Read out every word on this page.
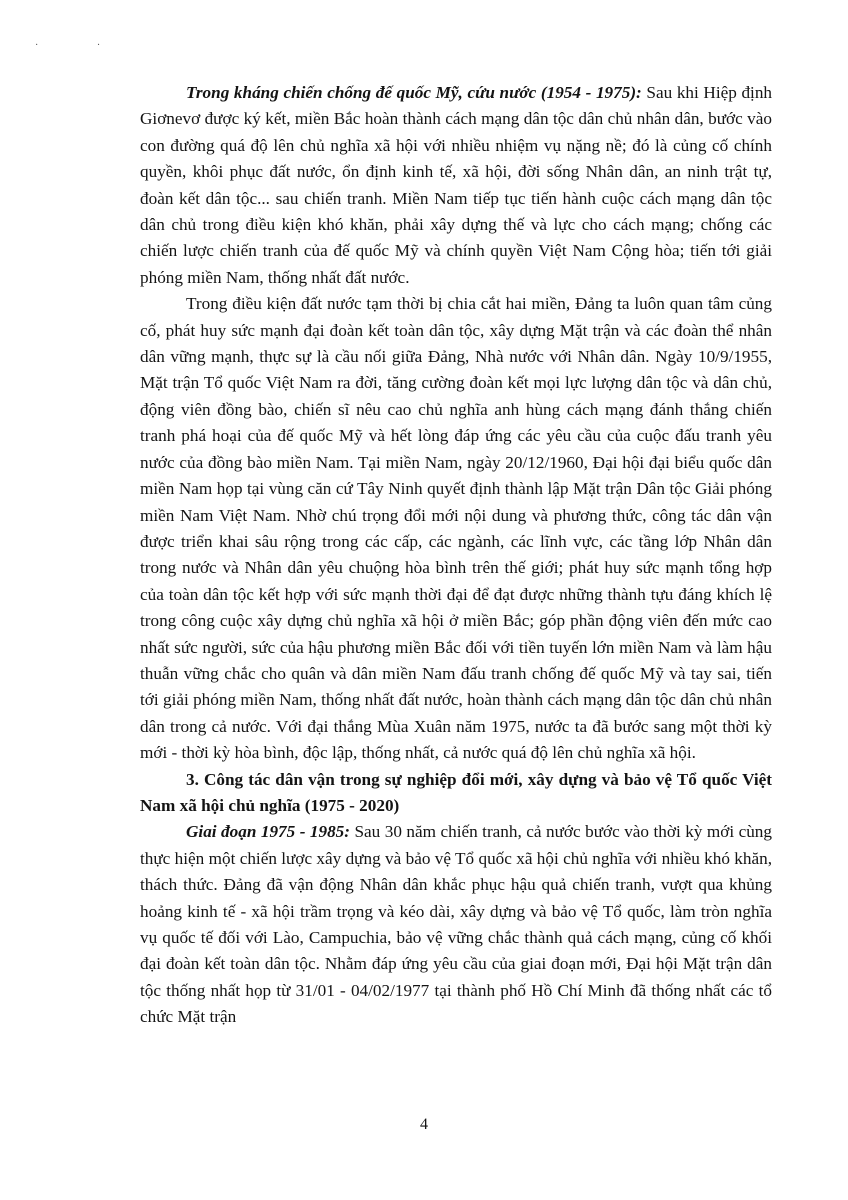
· ·

Trong kháng chiến chống đế quốc Mỹ, cứu nước (1954 - 1975): Sau khi Hiệp định Giơnevơ được ký kết, miền Bắc hoàn thành cách mạng dân tộc dân chủ nhân dân, bước vào con đường quá độ lên chủ nghĩa xã hội với nhiều nhiệm vụ nặng nề; đó là củng cố chính quyền, khôi phục đất nước, ổn định kinh tế, xã hội, đời sống Nhân dân, an ninh trật tự, đoàn kết dân tộc... sau chiến tranh. Miền Nam tiếp tục tiến hành cuộc cách mạng dân tộc dân chủ trong điều kiện khó khăn, phải xây dựng thế và lực cho cách mạng; chống các chiến lược chiến tranh của đế quốc Mỹ và chính quyền Việt Nam Cộng hòa; tiến tới giải phóng miền Nam, thống nhất đất nước.

Trong điều kiện đất nước tạm thời bị chia cắt hai miền, Đảng ta luôn quan tâm củng cố, phát huy sức mạnh đại đoàn kết toàn dân tộc, xây dựng Mặt trận và các đoàn thể nhân dân vững mạnh, thực sự là cầu nối giữa Đảng, Nhà nước với Nhân dân. Ngày 10/9/1955, Mặt trận Tổ quốc Việt Nam ra đời, tăng cường đoàn kết mọi lực lượng dân tộc và dân chủ, động viên đồng bào, chiến sĩ nêu cao chủ nghĩa anh hùng cách mạng đánh thắng chiến tranh phá hoại của đế quốc Mỹ và hết lòng đáp ứng các yêu cầu của cuộc đấu tranh yêu nước của đồng bào miền Nam. Tại miền Nam, ngày 20/12/1960, Đại hội đại biểu quốc dân miền Nam họp tại vùng căn cứ Tây Ninh quyết định thành lập Mặt trận Dân tộc Giải phóng miền Nam Việt Nam. Nhờ chú trọng đổi mới nội dung và phương thức, công tác dân vận được triển khai sâu rộng trong các cấp, các ngành, các lĩnh vực, các tầng lớp Nhân dân trong nước và Nhân dân yêu chuộng hòa bình trên thế giới; phát huy sức mạnh tổng hợp của toàn dân tộc kết hợp với sức mạnh thời đại để đạt được những thành tựu đáng khích lệ trong công cuộc xây dựng chủ nghĩa xã hội ở miền Bắc; góp phần động viên đến mức cao nhất sức người, sức của hậu phương miền Bắc đối với tiền tuyến lớn miền Nam và làm hậu thuẫn vững chắc cho quân và dân miền Nam đấu tranh chống đế quốc Mỹ và tay sai, tiến tới giải phóng miền Nam, thống nhất đất nước, hoàn thành cách mạng dân tộc dân chủ nhân dân trong cả nước. Với đại thắng Mùa Xuân năm 1975, nước ta đã bước sang một thời kỳ mới - thời kỳ hòa bình, độc lập, thống nhất, cả nước quá độ lên chủ nghĩa xã hội.

3. Công tác dân vận trong sự nghiệp đổi mới, xây dựng và bảo vệ Tổ quốc Việt Nam xã hội chủ nghĩa (1975 - 2020)

Giai đoạn 1975 - 1985: Sau 30 năm chiến tranh, cả nước bước vào thời kỳ mới cùng thực hiện một chiến lược xây dựng và bảo vệ Tổ quốc xã hội chủ nghĩa với nhiều khó khăn, thách thức. Đảng đã vận động Nhân dân khắc phục hậu quả chiến tranh, vượt qua khủng hoảng kinh tế - xã hội trầm trọng và kéo dài, xây dựng và bảo vệ Tổ quốc, làm tròn nghĩa vụ quốc tế đối với Lào, Campuchia, bảo vệ vững chắc thành quả cách mạng, củng cố khối đại đoàn kết toàn dân tộc. Nhằm đáp ứng yêu cầu của giai đoạn mới, Đại hội Mặt trận dân tộc thống nhất họp từ 31/01 - 04/02/1977 tại thành phố Hồ Chí Minh đã thống nhất các tổ chức Mặt trận

4
